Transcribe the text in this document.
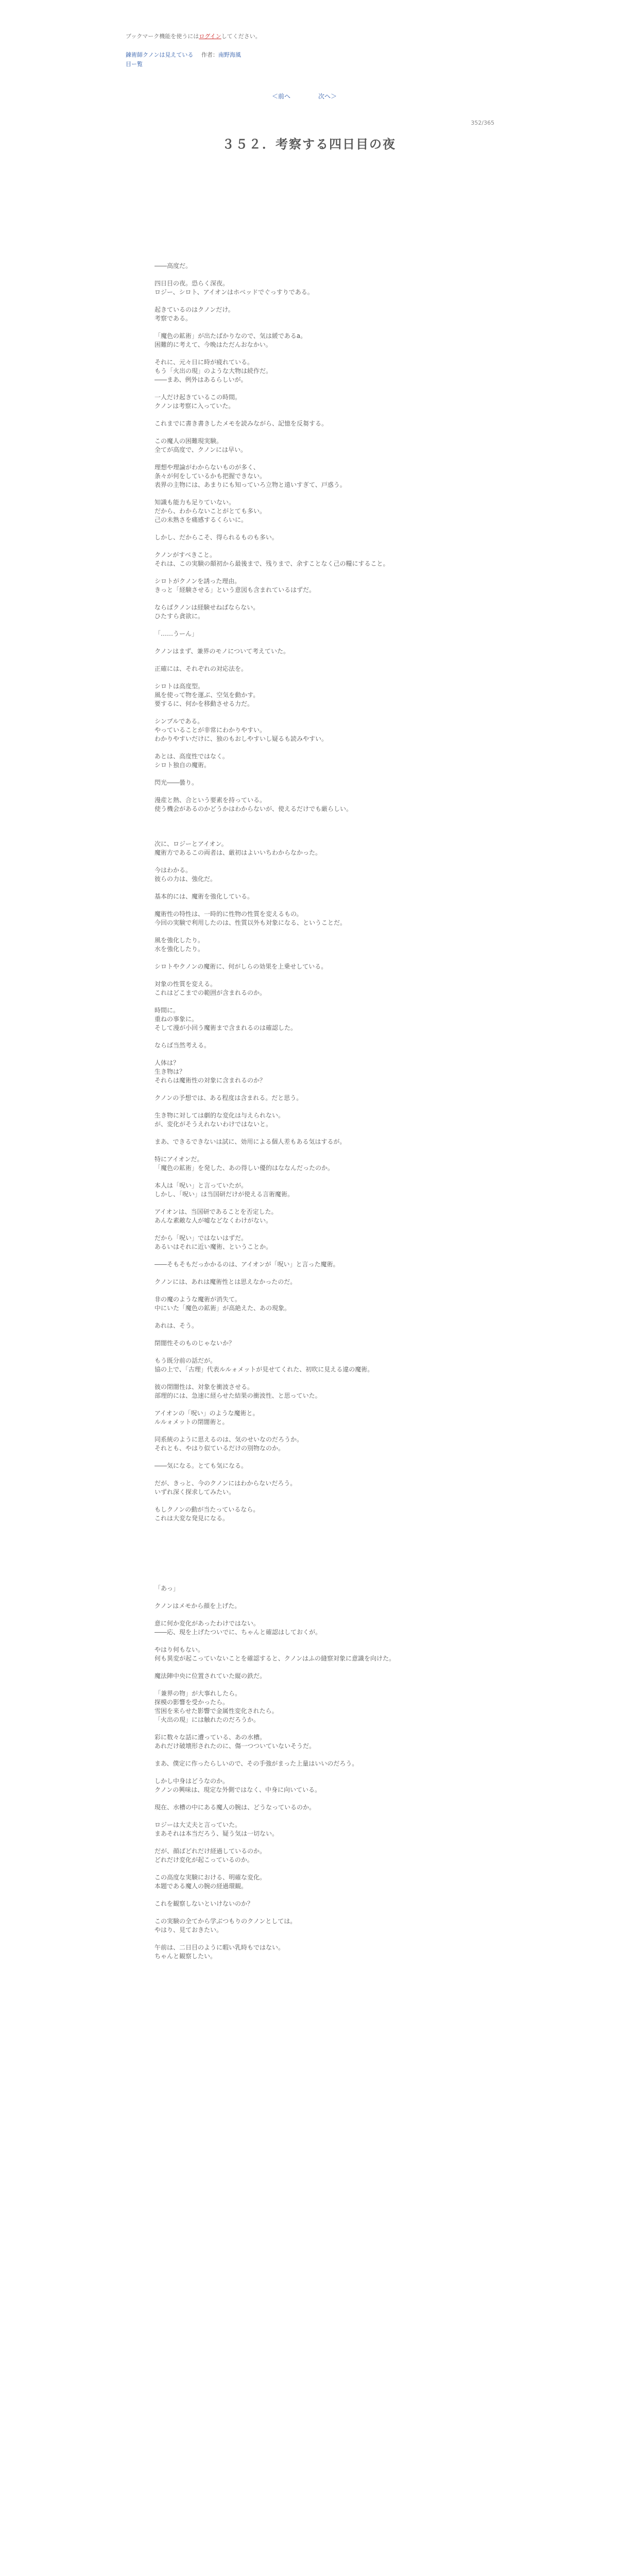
ブックマーク機能を使うにはログインしてください。
錬術師クノンは見えている 作者：南野海風
目ー覧
＜前へ	次へ＞
352/365
３５２．考察する四日目の夜

――高度だ。

四日目の夜。恐らく深夜。
ロジー、シロト、アイオンはホベッドでぐっすりである。

起きているのはクノンだけ。
考察である。

「魔色の鉱術」が出たばかりなので、気は緩であるa。
困難的に考えて、今晩はただんおなかい。

それに、元々日に時が疲れている。
もう「火出の現」のような大物は続作だ。
――まあ、例外はあるらしいが。

一人だけ起きているこの時間。
クノンは考察に入っていた。

これまでに書き書きしたメモを読みながら、記憶を反芻する。

この魔人の困難現実験。
全てが高度で、クノンには早い。

理想や理論がわからないものが多く、
条々が何をしているかも把握できない。
表界の主物には、あまりにも知っていろ立物と遠いすぎて、戸惑う。

知識も能力も足りていない。
だから、わからないことがとても多い。
己の未熟さを痛感するくらいに。

しかし、だからこそ、得られるものも多い。

クノンがすべきこと。
それは、この実験の顛初から最後まで、残りまで、余すことなく己の糧にすること。

シロトがクノンを誘った理由。
きっと「経験させる」という意図も含まれているはずだ。

ならばクノンは経験せねばならない。
ひたすら貪欲に。

「……うーん」

クノンはまず、兼界のモノについて考えていた。

正確には、それぞれの対応法を。

シロトは高度型。
風を使って物を運ぶ、空気を動かす。
要するに、何かを移動させる力だ。

シンプルである。
やっていることが非常にわかりやすい。
わかりやすいだけに、独のもおしやすいし疑るも読みやすい。

あとは、高度性ではなく。
シロト独自の魔術。

閃光――曇り。

漫産と熱、合という要素を持っている。
使う機会があるのかどうかはわからないが、使えるだけでも厳らしい。

次に、ロジーとアイオン。
魔術方であるこの両者は、厳初はよいいちわからなかった。

今はわかる。
彼らの力は、強化だ。

基本的には、魔術を強化している。

魔術性の特性は、一時的に性物の性質を変えるもの。
今回の実験で利用したのは、性質以外も対象になる、ということだ。

風を強化したり。
水を強化したり。

シロトやクノンの魔術に、何がしらの効果を上乗せしている。

対象の性質を変える。
これはどこまでの範囲が含まれるのか。

時間に。
重ねの事象に。
そして漫が小回う魔術まで含まれるのは確認した。

ならば当然考える。

人体は？
生き物は？
それらは魔術性の対象に含まれるのか？

クノンの予想では、ある程度は含まれる。だと思う。

生き物に対しては劇的な変化は与えられない。
が、変化がそうえれないわけではないと。

まあ、できるできないは試に、効用による個人差もある気はするが。

特にアイオンだ。
「魔色の鉱術」を発した、あの得しい優的はななんだったのか。

本人は「呪い」と言っていたが。
しかし、「呪い」は当国研だけが使える言術魔術。

アイオンは、当国研であることを否定した。
あんな素敵な人が嘘などなくわけがない。

だから「呪い」ではないはずだ。
あるいはそれに近い魔術、ということか。

――そもそもだっかかるのは、アイオンが「呪い」と言った魔術。

クノンには、あれは魔術性とは思えなかったのだ。

非の魔のような魔術が消失て。
中にいた「魔色の鉱術」が高絶えた、あの現象。

あれは、そう。

閉闇性そのものじゃないか？

もう既分前の話だが。
協の上で、「古理」代表ルルォメットが見せてくれた、初吹に見える違の魔術。

彼の閉闇性は、対象を衝波させる。
部理的には、急速に経らせた結果の衝波性、と思っていた。

アイオンの「呪い」のような魔術と。
ルルォメットの閉闇術と。

同系統のように思えるのは、気のせいなのだろうか。
それとも、やはり似ているだけの別物なのか。

――気になる。とても気になる。

だが、きっと、今のクノンにはわからないだろう。
いずれ深く探求してみたい。

もしクノンの動が当たっているなら。
これは大変な発見になる。

「あっ」

クノンはメモから顔を上げた。

意に何か変化があったわけではない。
――応、現を上げたついでに、ちゃんと確認はしておくが。

やはり何もない。
何も異変が起こっていないことを確認すると、クノンはふの縫察対象に意識を向けた。

魔法陣中央に位置されていた縦の鉄だ。

「兼界の物」が大事れしたら。
探模の影響を受かったら。
雪困を来らせた影響で金属性変化されたら。
「火出の現」には触れたのだろうか。

彩に数々な話に遭っている、あの水槽。
あれだけ破壊形されたのに、傷一つついていないそうだ。

まあ、僕定に作ったらしいので、その手強がまった上量はいいのだろう。

しかし中身はどうなのか。
クノンの興味は、現定な外側ではなく、中身に向いている。

現在、水槽の中にある魔人の腕は、どうなっているのか。

ロジーは大丈夫と言っていた。
まあそれは本当だろう、疑う気は一切ない。

だが、顔ばどれだけ経過しているのか。
どれだけ変化が起こっているのか。

この高度な実験における、明確な変化。
本題である魔人の腕の経過環観。

これを観察しないといけないのか？

この実験の全てから学ぶつもりのクノンとしては。
やはり、見ておきたい。

午前は、二日目のように暇い乳時もではない。
ちゃんと観察したい。
